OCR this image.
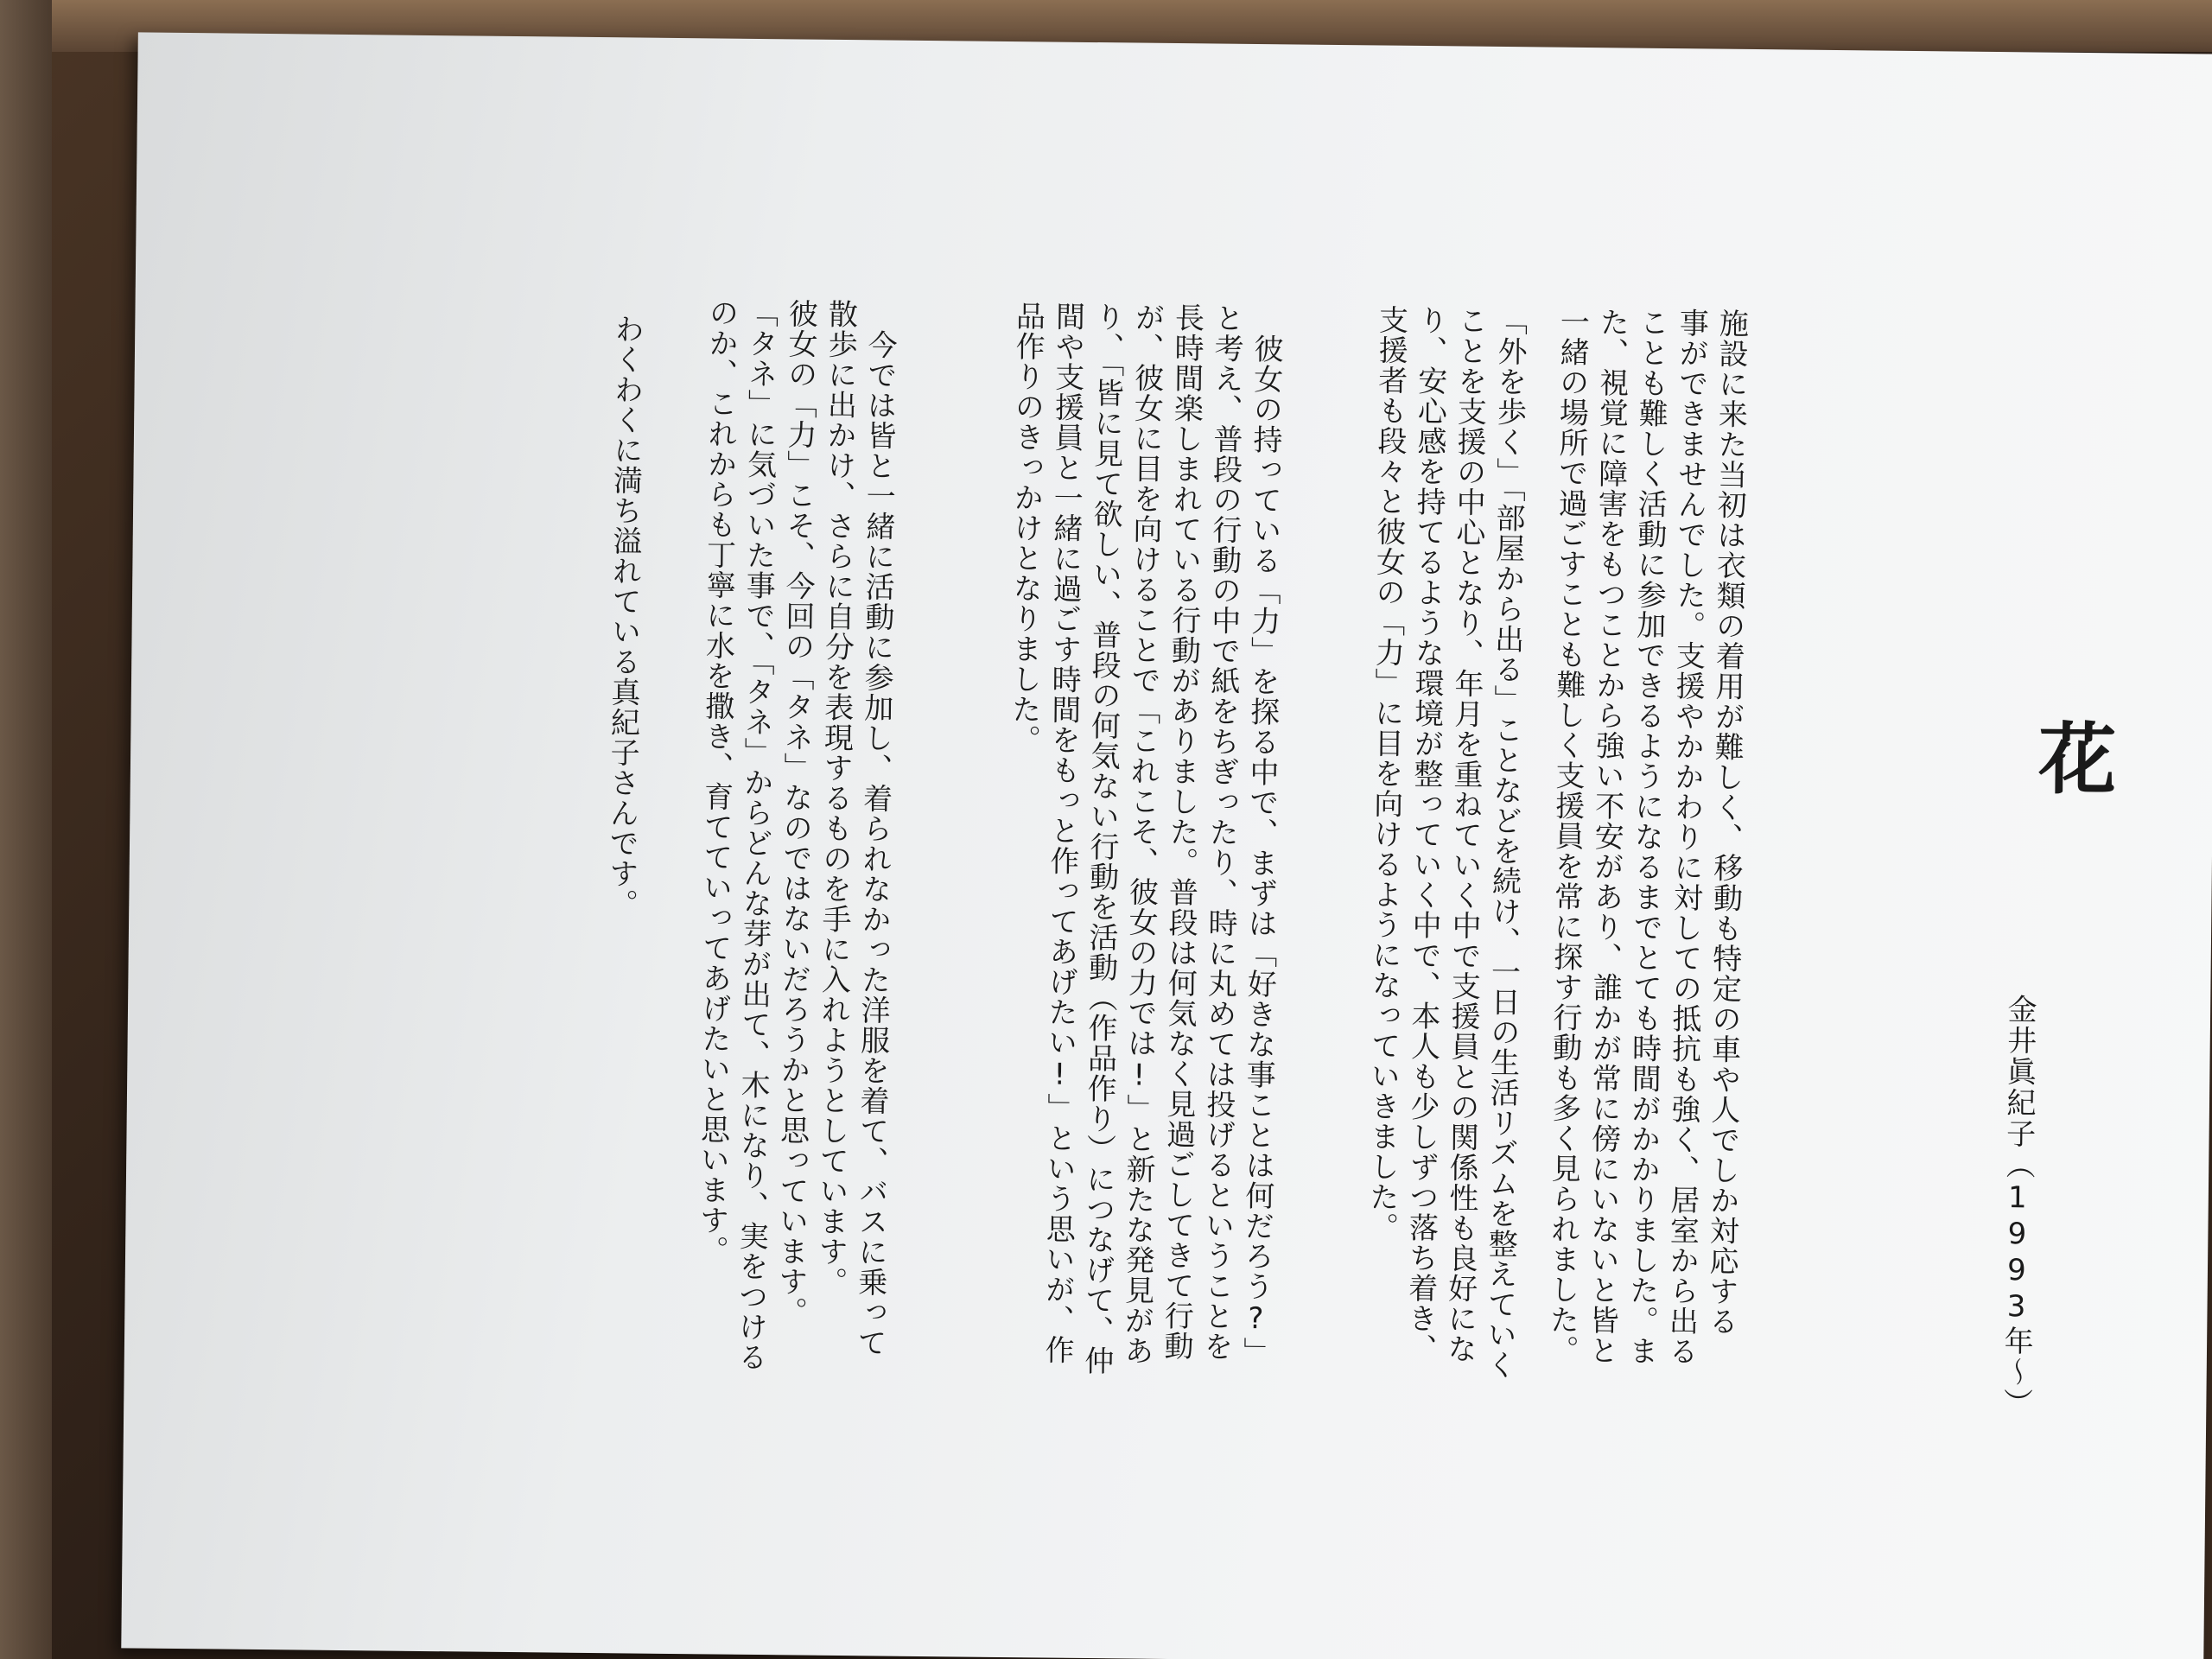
花

金井眞紀子（1993年～）

施設に来た当初は衣類の着用が難しく、移動も特定の車や人でしか対応する
事ができませんでした。支援やかかわりに対しての抵抗も強く、居室から出る
ことも難しく活動に参加できるようになるまでとても時間がかかりました。ま
た、視覚に障害をもつことから強い不安があり、誰かが常に傍にいないと皆と
一緒の場所で過ごすことも難しく支援員を常に探す行動も多く見られました。

「外を歩く」「部屋から出る」ことなどを続け、一日の生活リズムを整えていく
ことを支援の中心となり、年月を重ねていく中で支援員との関係性も良好にな
り、安心感を持てるような環境が整っていく中で、本人も少しずつ落ち着き、
支援者も段々と彼女の「力」に目を向けるようになっていきました。

　彼女の持っている「力」を探る中で、まずは「好きな事ことは何だろう?」
と考え、普段の行動の中で紙をちぎったり、時に丸めては投げるということを
長時間楽しまれている行動がありました。普段は何気なく見過ごしてきて行動
が、彼女に目を向けることで「これこそ、彼女の力では!」と新たな発見があ
り、「皆に見て欲しい、普段の何気ない行動を活動（作品作り）につなげて、仲
間や支援員と一緒に過ごす時間をもっと作ってあげたい!」という思いが、作
品作りのきっかけとなりました。

　今では皆と一緒に活動に参加し、着られなかった洋服を着て、バスに乗って
散歩に出かけ、さらに自分を表現するものを手に入れようとしています。
彼女の「力」こそ、今回の「タネ」なのではないだろうかと思っています。
「タネ」に気づいた事で、「タネ」からどんな芽が出て、木になり、実をつける
のか、これからも丁寧に水を撒き、育てていってあげたいと思います。

わくわくに満ち溢れている真紀子さんです。
